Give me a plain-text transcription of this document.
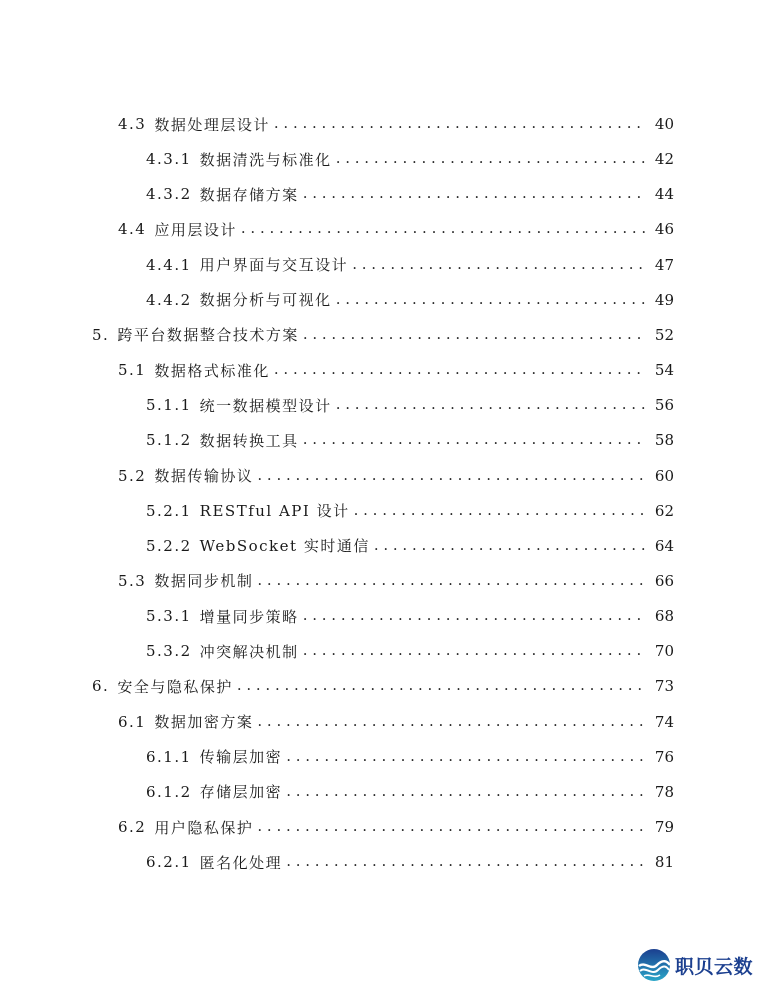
4.3 数据处理层设计 . . .	40
4.3.1 数据清洗与标准化 . . .	42
4.3.2 数据存储方案 . . .	44
4.4 应用层设计 . . .	46
4.4.1 用户界面与交互设计 . . .	47
4.4.2 数据分析与可视化 . . .	49
5. 跨平台数据整合技术方案 . . .	52
5.1 数据格式标准化 . . .	54
5.1.1 统一数据模型设计 . . .	56
5.1.2 数据转换工具 . . .	58
5.2 数据传输协议 . . .	60
5.2.1 RESTful API 设计 . . .	62
5.2.2 WebSocket 实时通信 . . .	64
5.3 数据同步机制 . . .	66
5.3.1 增量同步策略 . . .	68
5.3.2 冲突解决机制 . . .	70
6. 安全与隐私保护 . . .	73
6.1 数据加密方案 . . .	74
6.1.1 传输层加密 . . .	76
6.1.2 存储层加密 . . .	78
6.2 用户隐私保护 . . .	79
6.2.1 匿名化处理 . . .	81
职贝云数
